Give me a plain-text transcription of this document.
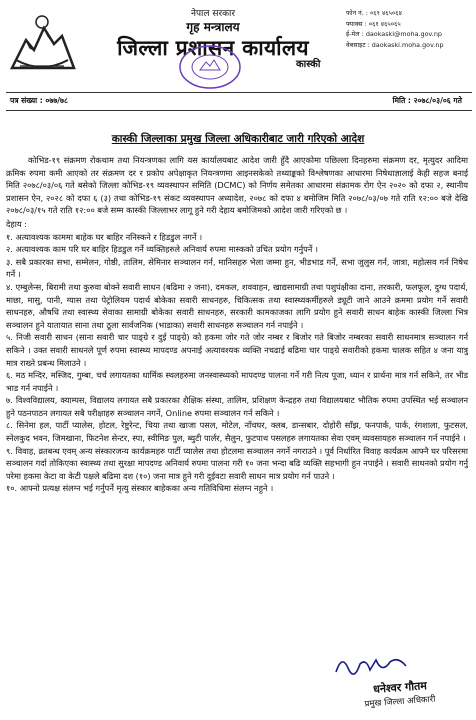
नेपाल सरकार
गृह मन्त्रालय
जिल्ला प्रशासन कार्यालय
कास्की
फोन नं. : ०६१ ४६५०६४
फ्याक्स : ०६१ ४६५०६५
ई-मेल : daokaski@moha.gov.np
वेबसाइट : daokaski.moha.gov.np
पत्र संख्या : ०७७/७८	मिति : २०७८/०३/०६ गते
कास्की जिल्लाका प्रमुख जिल्ला अधिकारीबाट जारी गरिएको आदेश

कोभिड-१९ संक्रमण रोकथाम तथा नियन्त्रणका लागि यस कार्यालयबाट आदेश जारी हुँदै आएकोमा पछिल्ला दिनहरुमा संक्रमण दर, मृत्युदर आदिमा क्रमिक रुपमा कमी आएको तर संक्रमण दर र प्रकोप अपेक्षाकृत नियन्त्रणमा आइनसकेको तथ्याङ्कको विश्लेषणका आधारमा निषेधाज्ञालाई केही सहज बनाई मिति २०७८/०३/०६ गते बसेको जिल्ला कोभिड-१९ व्यवस्थापन समिति (DCMC) को निर्णय समेतका आधारमा संक्रामक रोग ऐन २०२० को दफा २, स्थानीय प्रशासन ऐन, २०२८ को दफा ६ (३) तथा कोभिड-१९ संकट व्यवस्थापन अध्यादेश, २०७८ को दफा ४ बमोजिम मिति २०७८/०३/०७ गते राति १२:०० बजे देखि २०७८/०३/१५ गते राति १२:०० बजे सम्म कास्की जिल्लाभर लागू हुने गरी देहाय बमोजिमको आदेश जारी गरिएको छ ।

देहाय :

१. अत्यावश्यक काममा बाहेक घर बाहिर ननिस्कने र हिडडुल नगर्ने ।

२. अत्यावश्यक काम परि घर बाहिर हिडडुल गर्ने व्यक्तिहरुले अनिवार्य रुपमा मास्कको उचित प्रयोग गर्नुपर्ने ।

३. सबै प्रकारका सभा, सम्मेलन, गोष्ठी, तालिम, सेमिनार सञ्चालन गर्न, मानिसहरु भेला जम्मा हुन, भीडभाड गर्ने, सभा जुलुस गर्न, जात्रा, महोत्सव गर्न निषेध गर्ने ।

४. एम्बुलेन्स, बिरामी तथा कुरुवा बोक्ने सवारी साधन (बढिमा २ जना), दमकल, शववाहन, खाद्यसामाग्री तथा पशुपंक्षीका दाना, तरकारी, फलफूल, दुग्ध पदार्थ, माछा, मासु, पानी, ग्यास तथा पेट्रोलियम पदार्थ बोकेका सवारी साधनहरु, चिकित्सक तथा स्वास्थ्यकर्मीहरुले ड्यूटी जाने आउने क्रममा प्रयोग गर्ने सवारी साधनहरु, औषधि तथा स्वास्थ्य सेवाका सामाग्री बोकेका सवारी साधनहरु, सरकारी कामकाजका लागि प्रयोग हुने सवारी साधन बाहेक कास्की जिल्ला भित्र सञ्चालन हुने यातायात साना तथा ठूला सार्वजनिक (भाडाका) सवारी साधनहरु सञ्चालन गर्न नपाईने ।

५. निजी सवारी साधन (साना सवारी चार पाङ्ग्रे र दुई पाङ्ग्रे) को हकमा जोर गते जोर नम्बर र बिजोर गते बिजोर नम्बरका सवारी साधनमात्र सञ्चालन गर्न सकिने । उक्त सवारी साधनले पूर्ण रुपमा स्वास्थ्य मापदण्ड अपनाई अत्यावश्यक व्यक्ति नचढाई बढिमा चार पाङ्ग्रे सवारीको हकमा चालक सहित ४ जना यात्रु मात्र राख्ने प्रबन्ध मिलाउने ।

६. मठ मन्दिर, मस्जिद, गुम्बा, चर्च लगायतका धार्मिक स्थलहरुमा जनस्वास्थ्यको मापदण्ड पालना गर्ने गरी नित्य पूजा, ध्यान र प्रार्थना मात्र गर्न सकिने, तर भीड भाड गर्न नपाईने ।

७. विश्वविद्यालय, क्याम्पस, विद्यालय लगायत सबै प्रकारका शैक्षिक संस्था, तालिम, प्रशिक्षण केन्द्रहरु तथा विद्यालयबाट भौतिक रुपमा उपस्थित भई सञ्चालन हुने पठनपाठन लगायत सबै परीक्षाहरु सञ्चालन नगर्ने, Online रुपमा सञ्चालन गर्न सकिने ।

८. सिनेमा हल, पार्टी प्यालेस, होटल, रेष्टुरेन्ट, चिया तथा खाजा पसल, मोटेल, नाँचघर, क्लब, डान्सबार, दोहोरी साँझ, फनपार्क, पार्क, रंगशाला, फुटसल, स्नेलकुद भवन, जिमखाना, फिटनेश सेन्टर, स्पा, स्वीमिङ पुल, ब्युटी पार्लर, सैलुन, फुटपाथ पसलहरु लगायतका सेवा एवम् व्यवसायहरु सञ्चालन गर्न नपाईने ।

९. विवाह, व्रतबन्ध एवम् अन्य संस्कारजन्य कार्यक्रमहरु पार्टी प्यालेस तथा होटलमा सञ्चालन नगर्ने नगराउने । पूर्व निर्धारित विवाह कार्यक्रम आफ्नै घर परिसरमा सञ्चालन गर्दा तोकिएका स्वास्थ्य तथा सुरक्षा मापदण्ड अनिवार्य रुपमा पालना गरी १० जना भन्दा बढि व्यक्ति सहभागी हुन नपाईने । सवारी साधनको प्रयोग गर्नु परेमा हकमा केटा वा केटी पक्षले बढिमा दश (१०) जना मात्र हुने गरी दुईवटा सवारी साधन मात्र प्रयोग गर्न पाउने ।

१०. आफ्नो प्रत्यक्ष संलग्न भई गर्नुपर्ने मृत्यु संस्कार बाहेकका अन्य गतिविधिमा संलग्न नहुने ।

धनेश्वर गौतम
प्रमुख जिल्ला अधिकारी
